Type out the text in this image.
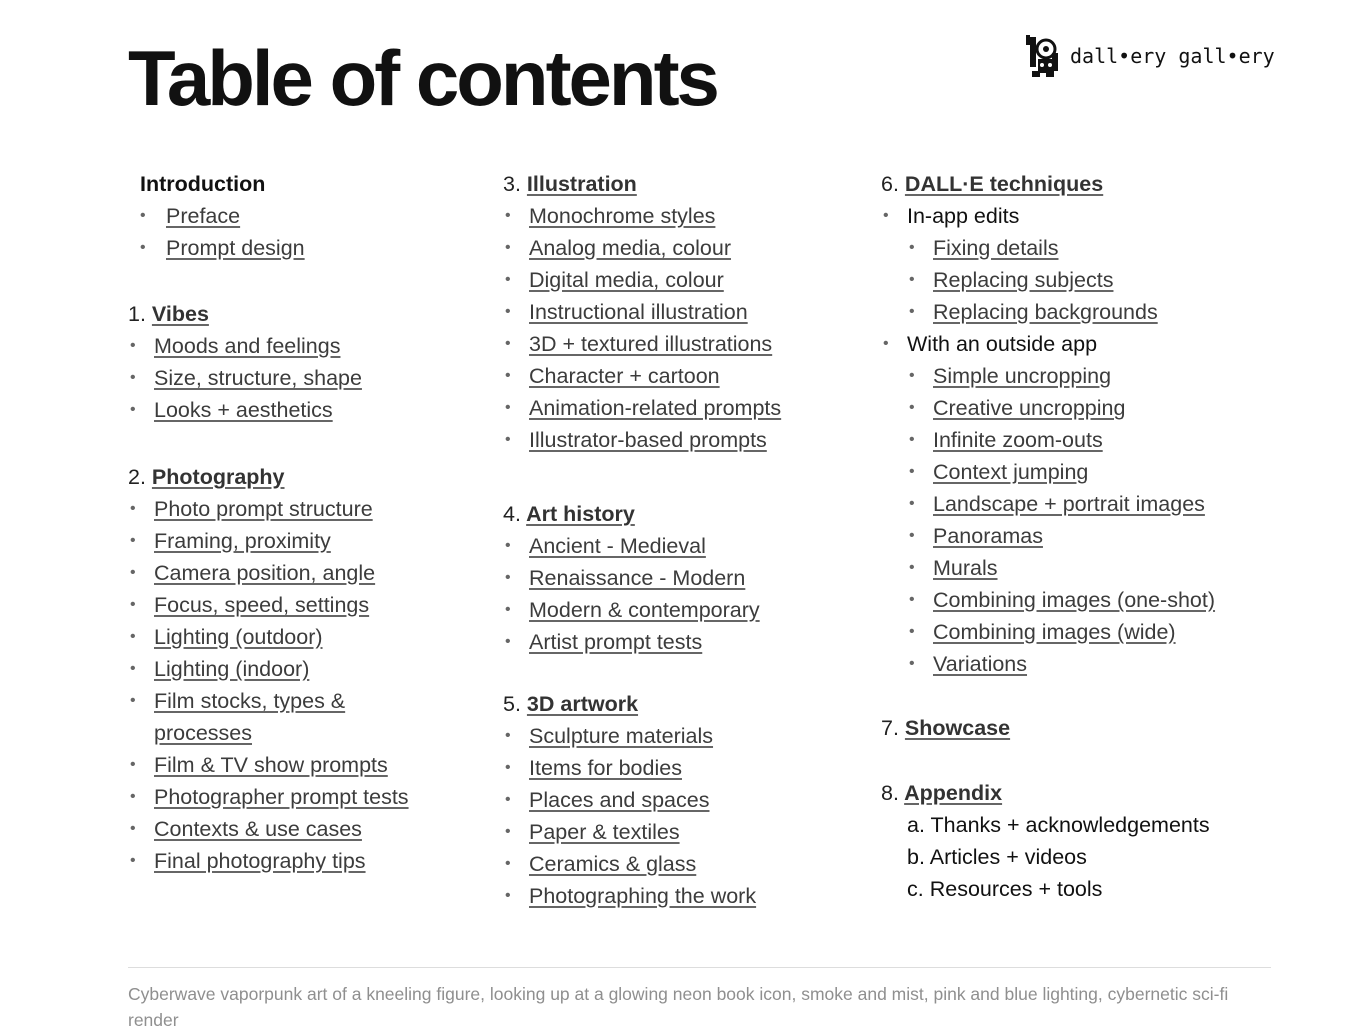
Table of contents	dall•ery gall•ery
Introduction
• Preface
• Prompt design
1. Vibes
• Moods and feelings
• Size, structure, shape
• Looks + aesthetics
2. Photography
• Photo prompt structure
• Framing, proximity
• Camera position, angle
• Focus, speed, settings
• Lighting (outdoor)
• Lighting (indoor)
• Film stocks, types & processes
• Film & TV show prompts
• Photographer prompt tests
• Contexts & use cases
• Final photography tips
3. Illustration
• Monochrome styles
• Analog media, colour
• Digital media, colour
• Instructional illustration
• 3D + textured illustrations
• Character + cartoon
• Animation-related prompts
• Illustrator-based prompts
4. Art history
• Ancient - Medieval
• Renaissance - Modern
• Modern & contemporary
• Artist prompt tests
5. 3D artwork
• Sculpture materials
• Items for bodies
• Places and spaces
• Paper & textiles
• Ceramics & glass
• Photographing the work
6. DALL·E techniques
• In-app edits
• Fixing details
• Replacing subjects
• Replacing backgrounds
• With an outside app
• Simple uncropping
• Creative uncropping
• Infinite zoom-outs
• Context jumping
• Landscape + portrait images
• Panoramas
• Murals
• Combining images (one-shot)
• Combining images (wide)
• Variations
7. Showcase
8. Appendix
a. Thanks + acknowledgements
b. Articles + videos
c. Resources + tools
Cyberwave vaporpunk art of a kneeling figure, looking up at a glowing neon book icon, smoke and mist, pink and blue lighting, cybernetic sci-fi render
